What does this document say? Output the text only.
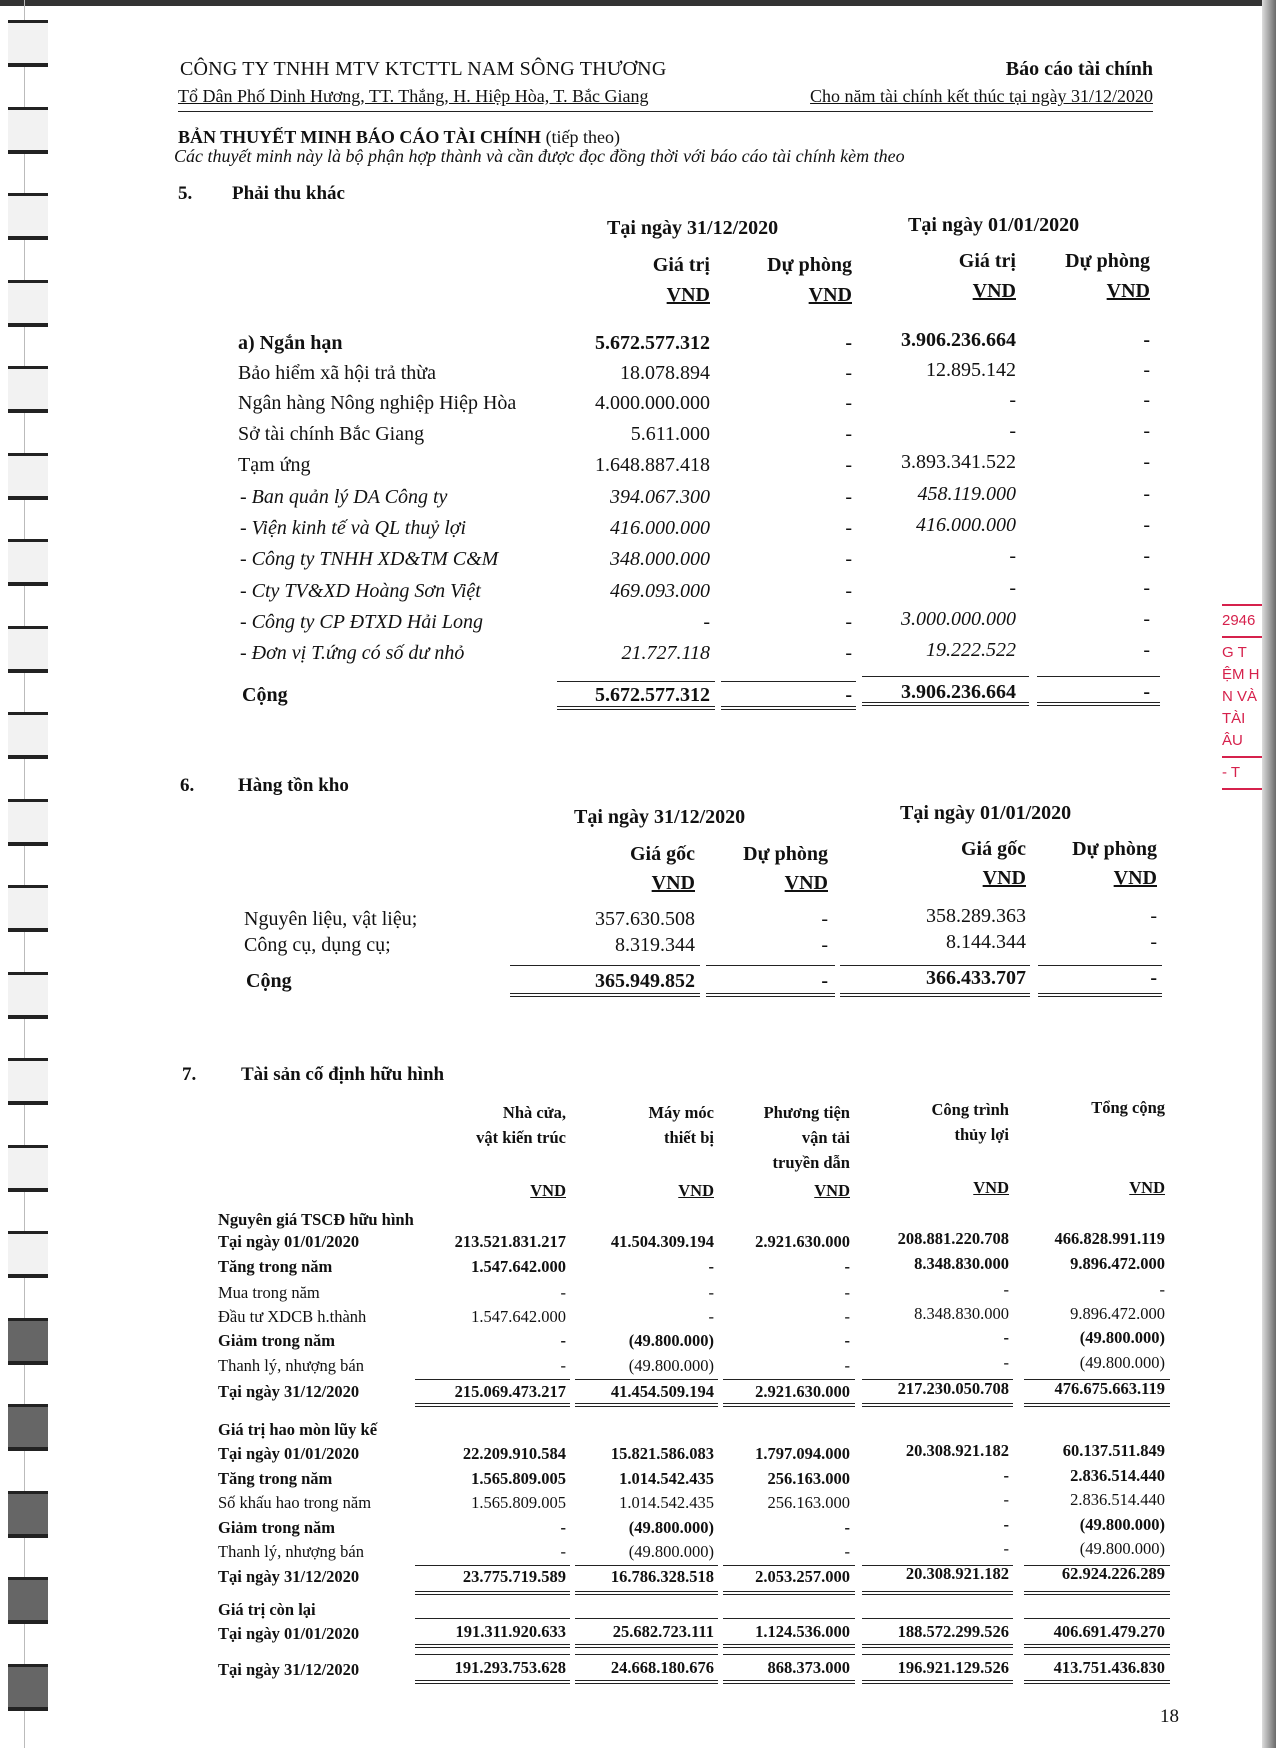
2946
G T
ỆM H
N VÀ
TÀI
ÂU
- T
CÔNG TY TNHH MTV KTCTTL NAM SÔNG THƯƠNG	Báo cáo tài chính
Tổ Dân Phố Dinh Hương, TT. Thắng, H. Hiệp Hòa, T. Bắc Giang	Cho năm tài chính kết thúc tại ngày 31/12/2020
BẢN THUYẾT MINH BÁO CÁO TÀI CHÍNH (tiếp theo)
Các thuyết minh này là bộ phận hợp thành và cần được đọc đồng thời với báo cáo tài chính kèm theo
5. Phải thu khác
Tại ngày 31/12/2020	Tại ngày 01/01/2020
Giá trị
VND
Dự phòng
VND
Giá trị
VND
Dự phòng
VND
a) Ngắn hạn	5.672.577.312	- 3.906.236.664	-
Bảo hiểm xã hội trả thừa	18.078.894	-	12.895.142	-
Ngân hàng Nông nghiệp Hiệp Hòa	4.000.000.000	-	-	-
Sở tài chính Bắc Giang	5.611.000	-	-	-
Tạm ứng	1.648.887.418	- 3.893.341.522	-
- Ban quản lý DA Công ty	394.067.300	-	458.119.000	-
- Viện kinh tế và QL thuỷ lợi	416.000.000	-	416.000.000	-
- Công ty TNHH XD&TM C&M	348.000.000	-	-	-
- Cty TV&XD Hoàng Sơn Việt	469.093.000	-	-	-
- Công ty CP ĐTXD Hải Long	-	- 3.000.000.000	-
- Đơn vị T.ứng có số dư nhỏ	21.727.118	-	19.222.522	-
Cộng	5.672.577.312	- 3.906.236.664	-
6. Hàng tồn kho
Tại ngày 31/12/2020	Tại ngày 01/01/2020
Giá gốc
VND
Dự phòng
VND
Giá gốc
VND
Dự phòng
VND
Nguyên liệu, vật liệu;	357.630.508	-	358.289.363	-
Công cụ, dụng cụ;	8.319.344	-	8.144.344	-
Cộng	365.949.852	-	366.433.707	-
7. Tài sản cố định hữu hình
Nhà cửa,
vật kiến trúc
VND
Máy móc
thiết bị
VND
Phương tiện
vận tải
truyền dẫn
VND
Công trình
thủy lợi
VND
Tổng cộng
VND
Nguyên giá TSCĐ hữu hình
Tại ngày 01/01/2020	213.521.831.217	41.504.309.194 2.921.630.000	208.881.220.708	466.828.991.119
Tăng trong năm	1.547.642.000	-	-	8.348.830.000	9.896.472.000
Mua trong năm	-	-	-	-	-
Đầu tư XDCB h.thành	1.547.642.000	-	-	8.348.830.000	9.896.472.000
Giảm trong năm	-	(49.800.000)	-	-	(49.800.000)
Thanh lý, nhượng bán	-	(49.800.000)	-	-	(49.800.000)
Tại ngày 31/12/2020	215.069.473.217	41.454.509.194 2.921.630.000	217.230.050.708	476.675.663.119
Giá trị hao mòn lũy kế
Tại ngày 01/01/2020	22.209.910.584	15.821.586.083 1.797.094.000	20.308.921.182	60.137.511.849
Tăng trong năm	1.565.809.005	1.014.542.435	256.163.000	-	2.836.514.440
Số khấu hao trong năm	1.565.809.005	1.014.542.435	256.163.000	-	2.836.514.440
Giảm trong năm	-	(49.800.000)	-	-	(49.800.000)
Thanh lý, nhượng bán	-	(49.800.000)	-	-	(49.800.000)
Tại ngày 31/12/2020	23.775.719.589	16.786.328.518 2.053.257.000	20.308.921.182	62.924.226.289
Giá trị còn lại
Tại ngày 01/01/2020	191.311.920.633	25.682.723.111 1.124.536.000	188.572.299.526	406.691.479.270
Tại ngày 31/12/2020	191.293.753.628	24.668.180.676	868.373.000	196.921.129.526	413.751.436.830
18
